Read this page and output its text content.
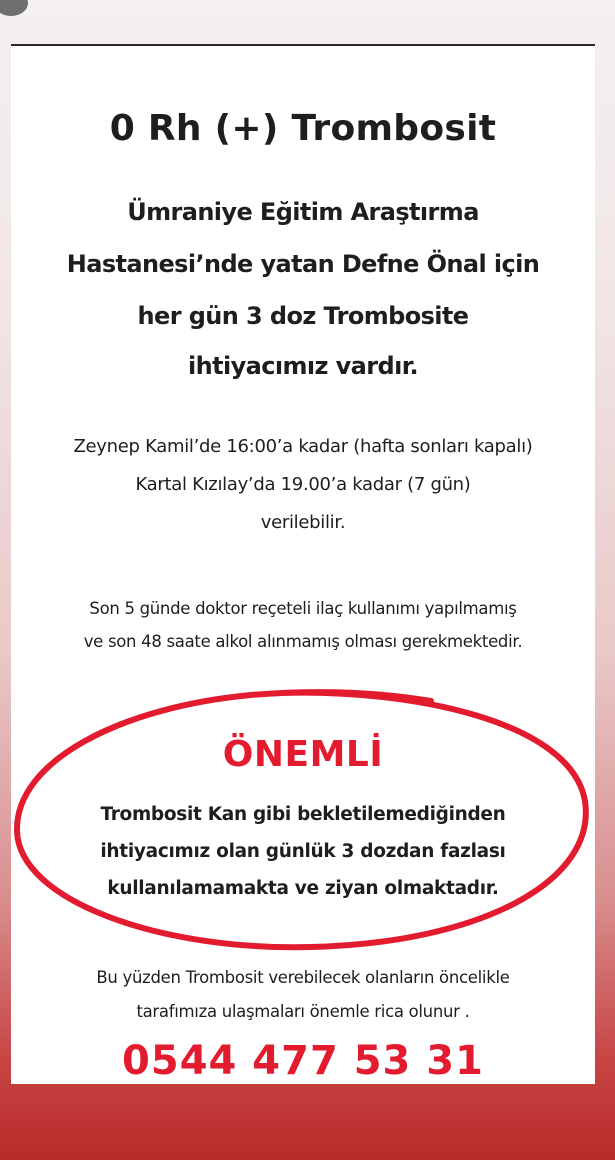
0 Rh (+) Trombosit
Ümraniye Eğitim Araştırma
Hastanesi’nde yatan Defne Önal için
her gün 3 doz Trombosite
ihtiyacımız vardır.
Zeynep Kamil’de 16:00’a kadar (hafta sonları kapalı)
Kartal Kızılay’da 19.00’a kadar (7 gün)
verilebilir.
Son 5 günde doktor reçeteli ilaç kullanımı yapılmamış
ve son 48 saate alkol alınmamış olması gerekmektedir.
ÖNEMLİ
Trombosit Kan gibi bekletilemediğinden
ihtiyacımız olan günlük 3 dozdan fazlası
kullanılamamakta ve ziyan olmaktadır.
Bu yüzden Trombosit verebilecek olanların öncelikle
tarafımıza ulaşmaları önemle rica olunur .
0544 477 53 31
